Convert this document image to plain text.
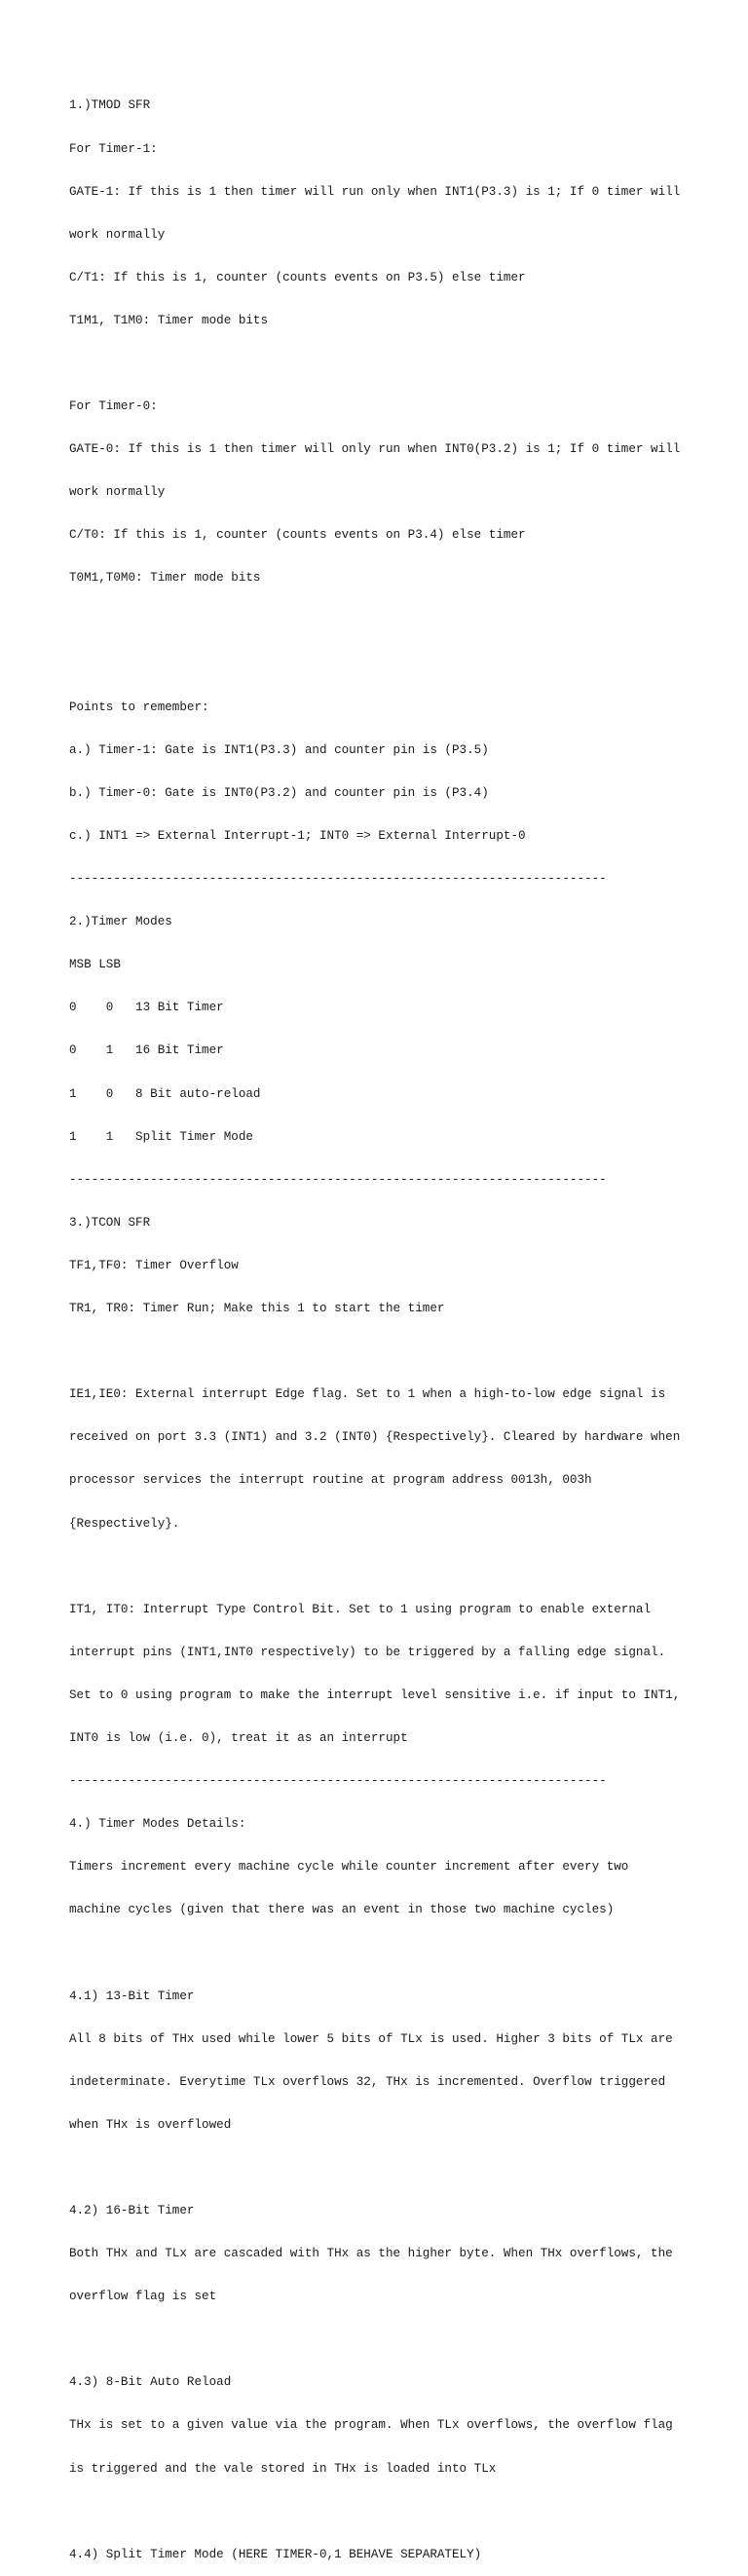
1.)TMOD SFR

For Timer-1:

GATE-1: If this is 1 then timer will run only when INT1(P3.3) is 1; If 0 timer will

work normally

C/T1: If this is 1, counter (counts events on P3.5) else timer

T1M1, T1M0: Timer mode bits

For Timer-0:

GATE-0: If this is 1 then timer will only run when INT0(P3.2) is 1; If 0 timer will

work normally

C/T0: If this is 1, counter (counts events on P3.4) else timer

T0M1,T0M0: Timer mode bits

Points to remember:

a.) Timer-1: Gate is INT1(P3.3) and counter pin is (P3.5)

b.) Timer-0: Gate is INT0(P3.2) and counter pin is (P3.4)

c.) INT1 => External Interrupt-1; INT0 => External Interrupt-0

-------------------------------------------------------------------------

2.)Timer Modes

MSB LSB

0    0   13 Bit Timer

0    1   16 Bit Timer

1    0   8 Bit auto-reload

1    1   Split Timer Mode

-------------------------------------------------------------------------

3.)TCON SFR

TF1,TF0: Timer Overflow

TR1, TR0: Timer Run; Make this 1 to start the timer

IE1,IE0: External interrupt Edge flag. Set to 1 when a high-to-low edge signal is

received on port 3.3 (INT1) and 3.2 (INT0) {Respectively}. Cleared by hardware when

processor services the interrupt routine at program address 0013h, 003h

{Respectively}.

IT1, IT0: Interrupt Type Control Bit. Set to 1 using program to enable external

interrupt pins (INT1,INT0 respectively) to be triggered by a falling edge signal.

Set to 0 using program to make the interrupt level sensitive i.e. if input to INT1,

INT0 is low (i.e. 0), treat it as an interrupt

-------------------------------------------------------------------------

4.) Timer Modes Details:

Timers increment every machine cycle while counter increment after every two

machine cycles (given that there was an event in those two machine cycles)

4.1) 13-Bit Timer

All 8 bits of THx used while lower 5 bits of TLx is used. Higher 3 bits of TLx are

indeterminate. Everytime TLx overflows 32, THx is incremented. Overflow triggered

when THx is overflowed

4.2) 16-Bit Timer

Both THx and TLx are cascaded with THx as the higher byte. When THx overflows, the

overflow flag is set

4.3) 8-Bit Auto Reload

THx is set to a given value via the program. When TLx overflows, the overflow flag

is triggered and the vale stored in THx is loaded into TLx

4.4) Split Timer Mode (HERE TIMER-0,1 BEHAVE SEPARATELY)
